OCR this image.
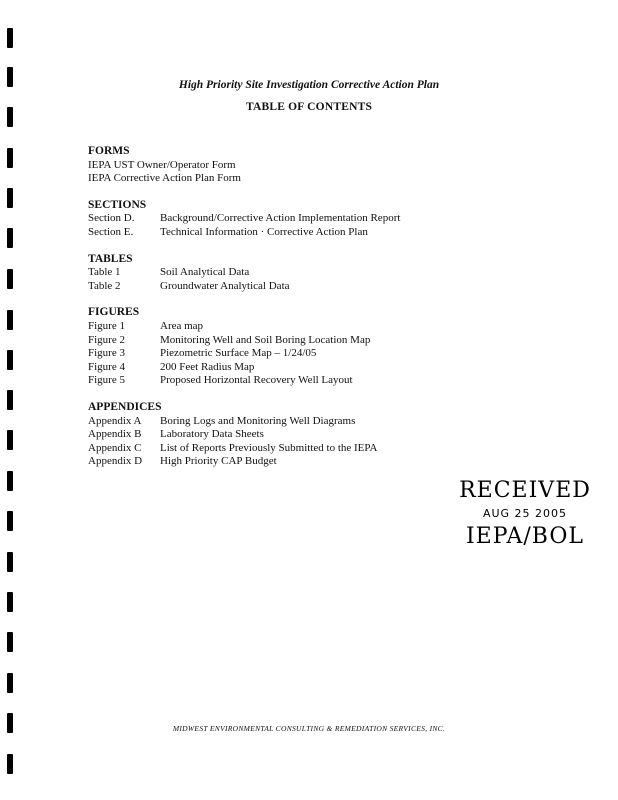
High Priority Site Investigation Corrective Action Plan
TABLE OF CONTENTS
FORMS
IEPA UST Owner/Operator Form
IEPA Corrective Action Plan Form
SECTIONS
Section D.	Background/Corrective Action Implementation Report
Section E.	Technical Information · Corrective Action Plan
TABLES
Table 1	Soil Analytical Data
Table 2	Groundwater Analytical Data
FIGURES
Figure 1	Area map
Figure 2	Monitoring Well and Soil Boring Location Map
Figure 3	Piezometric Surface Map – 1/24/05
Figure 4	200 Feet Radius Map
Figure 5	Proposed Horizontal Recovery Well Layout
APPENDICES
Appendix A	Boring Logs and Monitoring Well Diagrams
Appendix B	Laboratory Data Sheets
Appendix C	List of Reports Previously Submitted to the IEPA
Appendix D	High Priority CAP Budget
RECEIVED
AUG 25 2005
IEPA/BOL
MIDWEST ENVIRONMENTAL CONSULTING & REMEDIATION SERVICES, INC.
